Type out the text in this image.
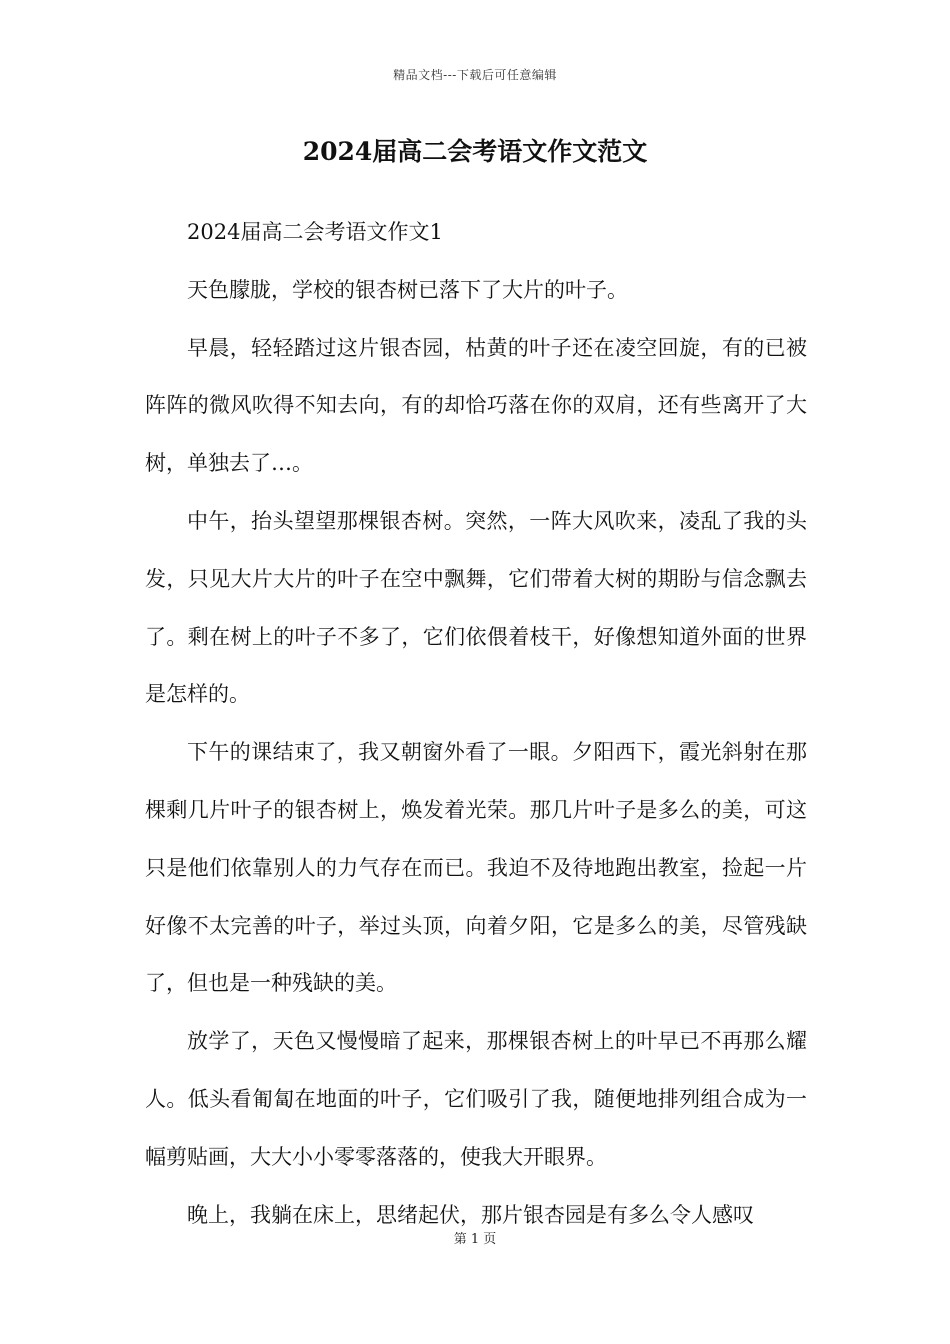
精品文档---下载后可任意编辑
2024届高二会考语文作文范文

2024届高二会考语文作文1

天色朦胧，学校的银杏树已落下了大片的叶子。

早晨，轻轻踏过这片银杏园，枯黄的叶子还在凌空回旋，有的已被阵阵的微风吹得不知去向，有的却恰巧落在你的双肩，还有些离开了大树，单独去了…。

中午，抬头望望那棵银杏树。突然，一阵大风吹来，凌乱了我的头发，只见大片大片的叶子在空中飘舞，它们带着大树的期盼与信念飘去了。剩在树上的叶子不多了，它们依偎着枝干，好像想知道外面的世界是怎样的。

下午的课结束了，我又朝窗外看了一眼。夕阳西下，霞光斜射在那棵剩几片叶子的银杏树上，焕发着光荣。那几片叶子是多么的美，可这只是他们依靠别人的力气存在而已。我迫不及待地跑出教室，捡起一片好像不太完善的叶子，举过头顶，向着夕阳，它是多么的美，尽管残缺了，但也是一种残缺的美。

放学了，天色又慢慢暗了起来，那棵银杏树上的叶早已不再那么耀人。低头看匍匐在地面的叶子，它们吸引了我，随便地排列组合成为一幅剪贴画，大大小小零零落落的，使我大开眼界。

晚上，我躺在床上，思绪起伏，那片银杏园是有多么令人感叹

第 1 页
